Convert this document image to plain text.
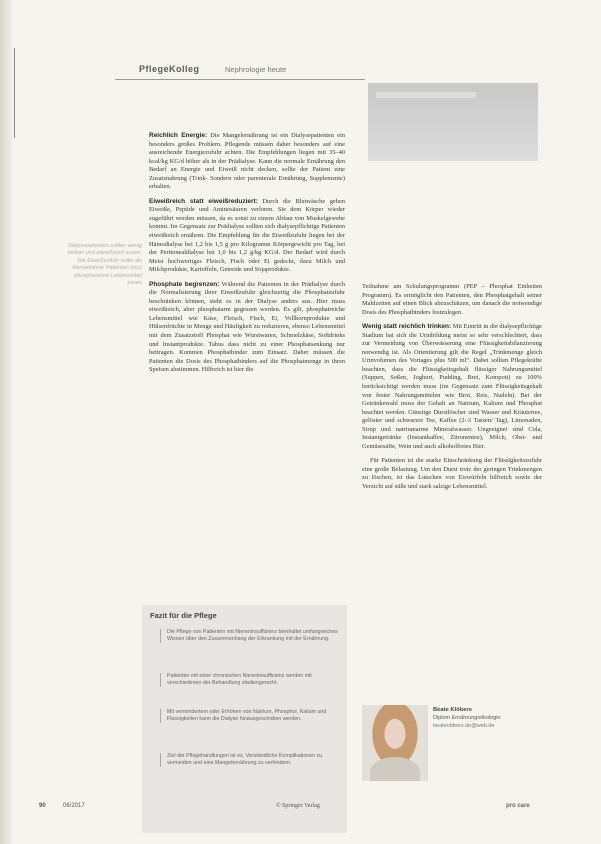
PflegeKolleg	Nephrologie heute
Dialysepatienten sollten wenig trinken und eiweißreich essen. Die Eiweißzufuhr sollte als Hämodialyse Patienten (nur) phosphatarme Lebensmittel essen

Reichlich Energie: Die Mangelernährung ist ein Dialysepatienten ein besonders großes Problem. Pflegende müssen daher besonders auf eine ausreichende Energiezufuhr achten. Die Empfehlungen liegen mit 35–40 kcal/kg KG/d höher als in der Prädialyse. Kann die normale Ernährung den Bedarf an Energie und Eiweiß nicht decken, sollte der Patient eine Zusatznahrung (Trink- Sondern oder parenterale Ernährung, Supplemente) erhalten.

Eiweißreich statt eiweißreduziert: Durch die Blutwäsche gehen Eiweiße, Peptide und Aminosäuren verloren. Sie dem Körper wieder zugeführt werden müssen, da es sonst zu einem Abbau von Muskelgewebe kommt. Im Gegensatz zur Prädialyse sollten sich dialysepflichtige Patienten eiweißreich ernähren. Die Empfehlung für die Eiweißzufuhr liegen bei der Hämodialyse bei 1,2 bis 1,5 g pro Kilogramm Körpergewicht pro Tag, bei der Peritonealdialyse bei 1,0 bis 1,2 g/kg KG/d. Der Bedarf wird durch Meist hochwertiges Fleisch, Fisch oder Ei gedeckt, dazu Milch und Milchprodukte, Kartoffeln, Getreide und Sojaprodukte.

Phosphate begrenzen: Während die Patienten in der Prädialyse durch die Normalisierung ihrer Eiweißzufuhr gleichzeitig die Phosphatzufuhr beschränken können, steht es in der Dialyse anders aus. Hier muss eiweißreich, aber phosphatarm gegessen werden. Es gilt, phosphatreiche Lebensmittel wie Käse, Fleisch, Fisch, Ei, Vollkornprodukte und Hülsenfrüchte in Menge und Häufigkeit zu reduzieren, ebenso Lebensmittel mit dem Zusatzstoff Phosphat wie Wurstwaren, Schmelzkäse, Softdrinks und Instantprodukte. Tabus dass nicht zu einer Phosphatsenkung nur beitragen. Kommen Phosphatbinder zum Einsatz. Daher müssen die Patienten die Dosis des Phosphatbinders auf die Phosphatmenge in ihren Speisen abstimmen. Hilfreich ist hier die

Teilnahme am Schulungsprogramm (PEP – Phosphat Einheiten Programm). Es ermöglicht den Patienten, den Phosphatgehalt seiner Mahlzeiten auf einen Blick abzuschätzen, um danach die notwendige Dosis des Phosphatbinders festzulegen.

Wenig statt reichlich trinken: Mit Eintritt in die dialysepflichtige Stadium hat sich die Urinbildung meist so sehr verschlechtert, dass zur Vermeidung von Überwässerung eine Flüssigkeitsbilanzierung notwendig ist. Als Orientierung gilt die Regel „Trinkmenge gleich Urinvolumen des Vortages plus 500 ml“. Dabei sollten Pflegekräfte beachten, dass die Flüssigkeitsgehalt flüssiger Nahrungsmittel (Suppen, Soßen, Joghurt, Pudding, Brei, Kompott) zu 100% berücksichtigt werden muss (im Gegensatz zum Flüssigkeitsgehalt von fester Nahrungsmittelen wie Brot, Reis, Nudeln). Bei der Getränkewahl muss der Gehalt an Natrium, Kalium und Phosphat beachtet werden. Günstige Durstlöscher sind Wasser und Kräutertee, gelöster und schwarzer Tee, Kaffee (2–3 Tassen/ Tag), Limonaden, Sirup und natriumarme Mineralwasser. Ungeeignet sind Cola, Instantgetränke (Instantkaffee, Zitronentee), Milch, Obst- und Gemüsesäfte, Wein und auch alkoholfreies Bier.

Für Patienten ist die starke Einschränkung der Flüssigkeitszufuhr eine große Belastung. Um den Durst trotz der geringen Trinkmengen zu löschen, ist das Lutschen von Eiswürfeln hilfreich sowie der Verzicht auf süße und stark salzige Lebensmittel.

Fazit für die Pflege
Die Pflege von Patienten mit Niereninsuffizienz beinhaltet umfangreiches Wissen über den Zusammenhang der Erkrankung mit der Ernährung.
Patienten mit einer chronischen Niereninsuffizienz werden mit verschiedenen der Behandlung stadiengerecht.
Mit vermindertem oder Erhöhen von Natrium, Phosphor, Kalium und Flüssigkeiten kann die Dialyse hinausgeschoben werden.
Ziel der Pflegehandlungen ist es, Verständliche Komplikationen zu vermeiden und eine Mangelernährung zu verhindern.
Beate Klöbers
Diplom Ernährungsökologin
beateobbers.de@web.de
90	06/2017	© Springer Verlag	pro care
